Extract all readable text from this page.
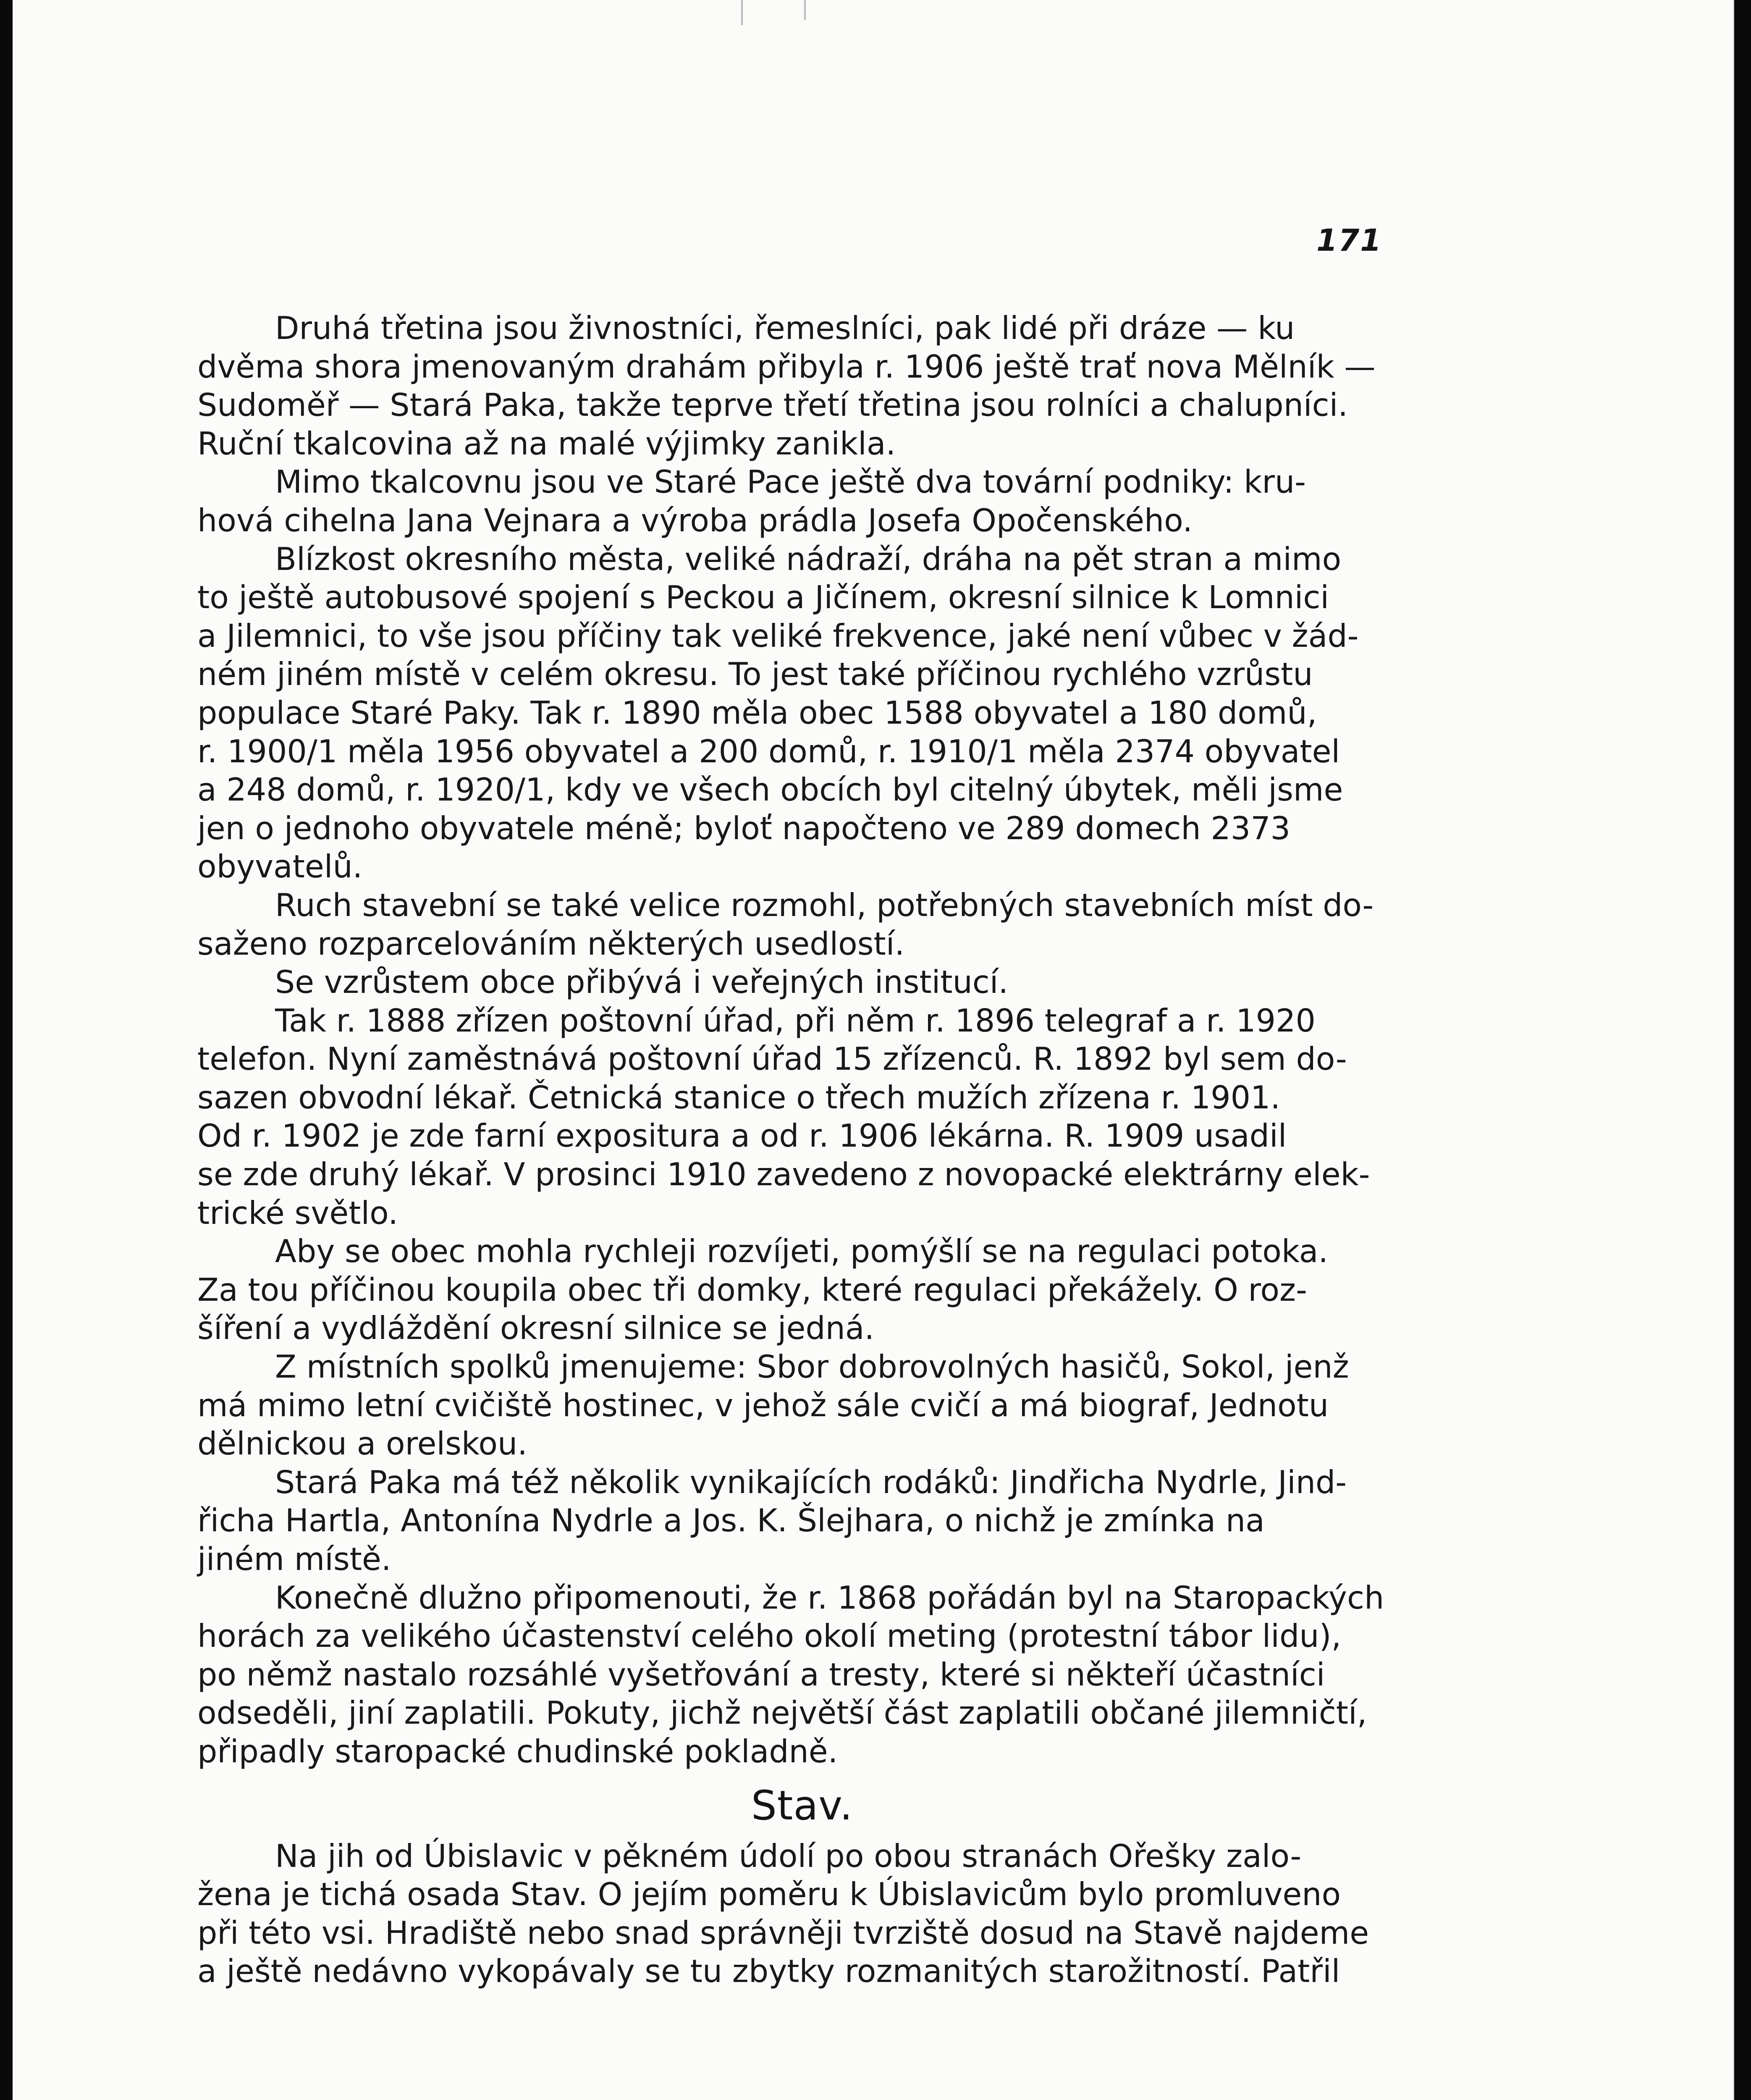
171

Druhá třetina jsou živnostníci, řemeslníci, pak lidé při dráze — ku
dvěma shora jmenovaným drahám přibyla r. 1906 ještě trať nova Mělník —
Sudoměř — Stará Paka, takže teprve třetí třetina jsou rolníci a chalupníci.
Ruční tkalcovina až na malé výjimky zanikla.

Mimo tkalcovnu jsou ve Staré Pace ještě dva tovární podniky: kru-
hová cihelna Jana Vejnara a výroba prádla Josefa Opočenského.

Blízkost okresního města, veliké nádraží, dráha na pět stran a mimo
to ještě autobusové spojení s Peckou a Jičínem, okresní silnice k Lomnici
a Jilemnici, to vše jsou příčiny tak veliké frekvence, jaké není vůbec v žád-
ném jiném místě v celém okresu. To jest také příčinou rychlého vzrůstu
populace Staré Paky. Tak r. 1890 měla obec 1588 obyvatel a 180 domů,
r. 1900/1 měla 1956 obyvatel a 200 domů, r. 1910/1 měla 2374 obyvatel
a 248 domů, r. 1920/1, kdy ve všech obcích byl citelný úbytek, měli jsme
jen o jednoho obyvatele méně; byloť napočteno ve 289 domech 2373
obyvatelů.

Ruch stavební se také velice rozmohl, potřebných stavebních míst do-
saženo rozparcelováním některých usedlostí.

Se vzrůstem obce přibývá i veřejných institucí.

Tak r. 1888 zřízen poštovní úřad, při něm r. 1896 telegraf a r. 1920
telefon. Nyní zaměstnává poštovní úřad 15 zřízenců. R. 1892 byl sem do-
sazen obvodní lékař. Četnická stanice o třech mužích zřízena r. 1901.
Od r. 1902 je zde farní expositura a od r. 1906 lékárna. R. 1909 usadil
se zde druhý lékař. V prosinci 1910 zavedeno z novopacké elektrárny elek-
trické světlo.

Aby se obec mohla rychleji rozvíjeti, pomýšlí se na regulaci potoka.
Za tou příčinou koupila obec tři domky, které regulaci překážely. O roz-
šíření a vydláždění okresní silnice se jedná.

Z místních spolků jmenujeme: Sbor dobrovolných hasičů, Sokol, jenž
má mimo letní cvičiště hostinec, v jehož sále cvičí a má biograf, Jednotu
dělnickou a orelskou.

Stará Paka má též několik vynikajících rodáků: Jindřicha Nydrle, Jind-
řicha Hartla, Antonína Nydrle a Jos. K. Šlejhara, o nichž je zmínka na
jiném místě.

Konečně dlužno připomenouti, že r. 1868 pořádán byl na Staropackých
horách za velikého účastenství celého okolí meting (protestní tábor lidu),
po němž nastalo rozsáhlé vyšetřování a tresty, které si někteří účastníci
odseděli, jiní zaplatili. Pokuty, jichž největší část zaplatili občané jilemničtí,
připadly staropacké chudinské pokladně.

Stav.

Na jih od Úbislavic v pěkném údolí po obou stranách Ořešky zalo-
žena je tichá osada Stav. O jejím poměru k Úbislavicům bylo promluveno
při této vsi. Hradiště nebo snad správněji tvrziště dosud na Stavě najdeme
a ještě nedávno vykopávaly se tu zbytky rozmanitých starožitností. Patřil
